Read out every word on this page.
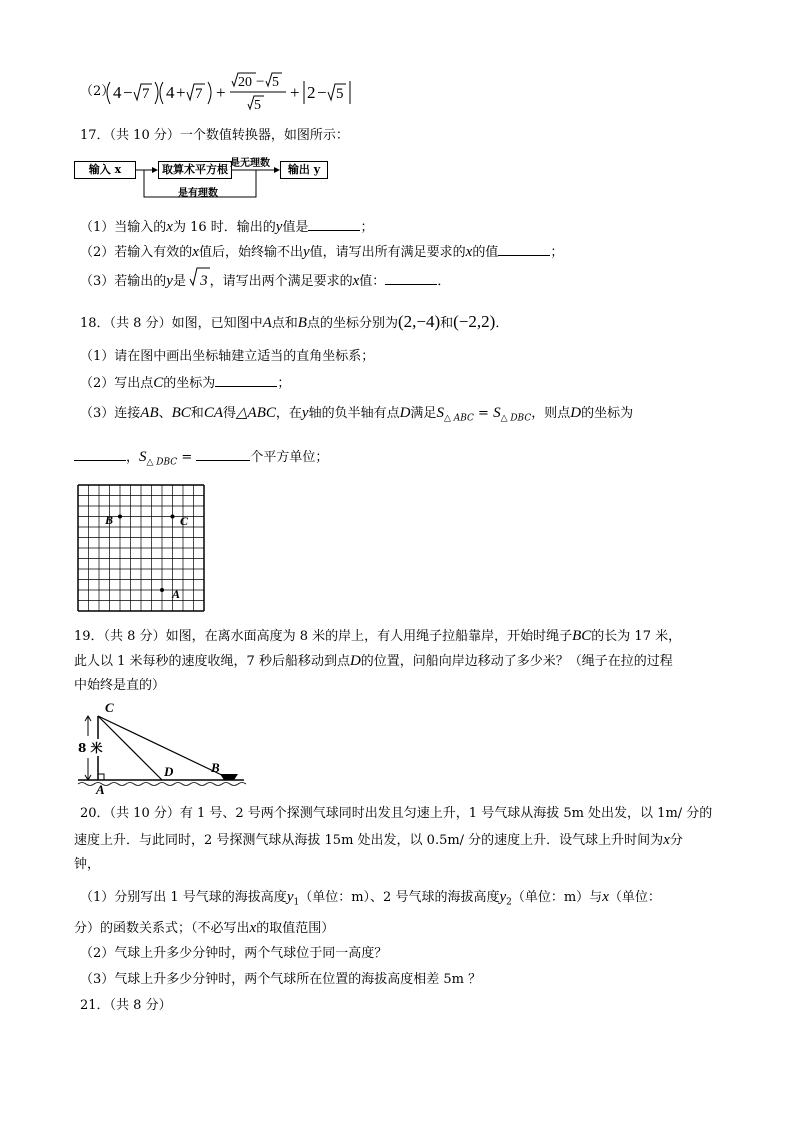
（2）
4 − 7 4 + 7 +
20 − 5
5
+ 2 − 5
17．（共 10 分）一个数值转换器，如图所示：
输入 x	取算术平方根	输出 y
是无理数
是有理数
（1）当输入的x为 16 时．输出的y值是	；
（2）若输入有效的x值后，始终输不出y值，请写出所有满足要求的x的值	；
（3）若输出的y是 3 ，请写出两个满足要求的x值：	．
18．（共 8 分）如图，已知图中A点和B点的坐标分别为(2,−4)和(−2,2)．
（1）请在图中画出坐标轴建立适当的直角坐标系；
（2）写出点C的坐标为	；
（3）连接AB、BC和CA得△ABC，在y轴的负半轴有点D满足$S_{\triangle ABC} = S_{\triangle DBC}$，则点D的坐标为
，$S_{\triangle DBC}$ =	个平方单位；
B	C
A
19．（共 8 分）如图，在离水面高度为 8 米的岸上，有人用绳子拉船靠岸，开始时绳子BC的长为 17 米，
此人以 1 米每秒的速度收绳，7 秒后船移动到点D的位置，问船向岸边移动了多少米？（绳子在拉的过程
中始终是直的）
C
8 米
D	B
A
20．（共 10 分）有 1 号、2 号两个探测气球同时出发且匀速上升，1 号气球从海拔 5m 处出发，以 1m/ 分的
速度上升．与此同时，2 号探测气球从海拔 15m 处出发，以 0.5m/ 分的速度上升．设气球上升时间为x分
钟，
（1）分别写出 1 号气球的海拔高度$y_1$（单位：m）、2 号气球的海拔高度$y_2$（单位：m）与x（单位：
分）的函数关系式；（不必写出x的取值范围）
（2）气球上升多少分钟时，两个气球位于同一高度？
（3）气球上升多少分钟时，两个气球所在位置的海拔高度相差 5m ？
21．（共 8 分）
